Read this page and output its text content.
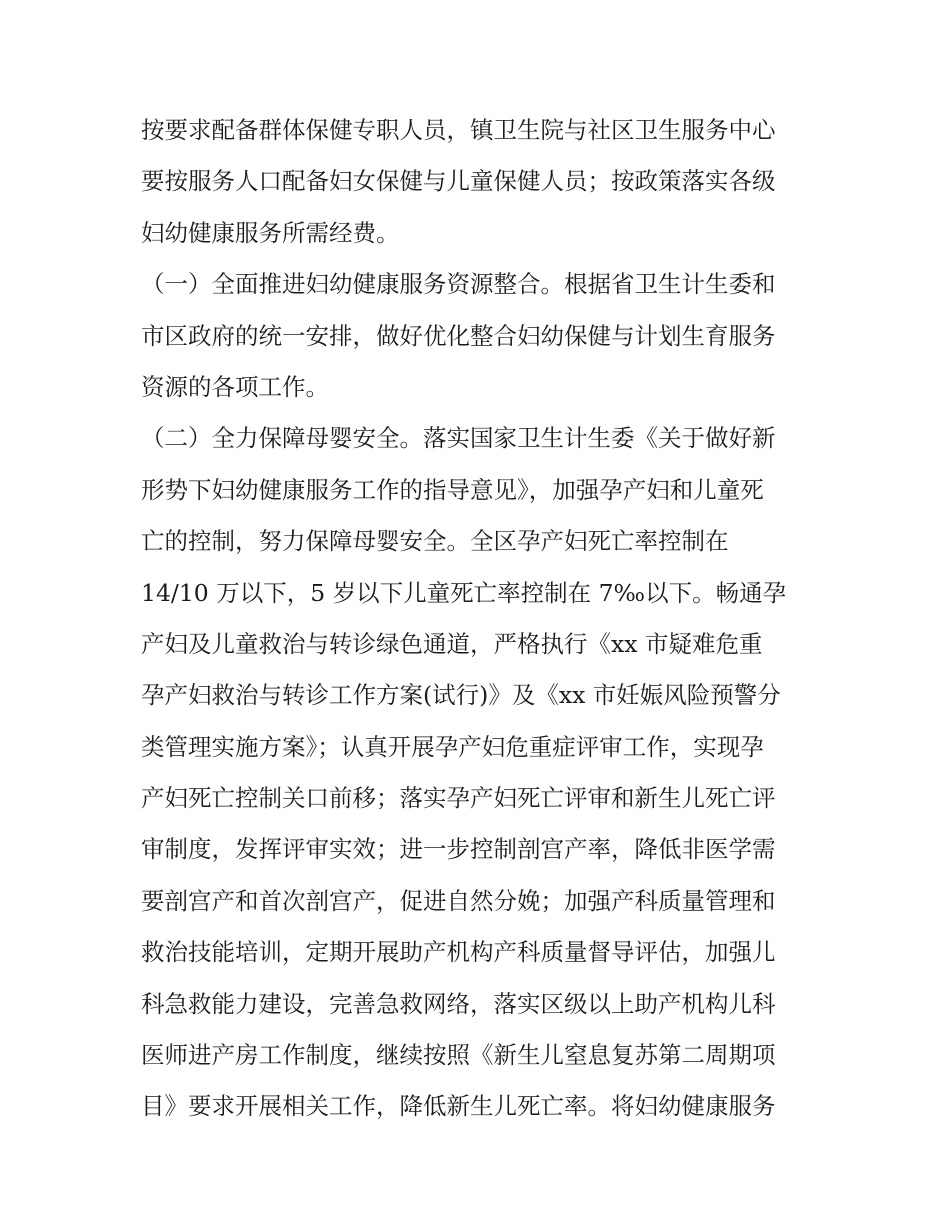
按要求配备群体保健专职人员，镇卫生院与社区卫生服务中心
要按服务人口配备妇女保健与儿童保健人员；按政策落实各级
妇幼健康服务所需经费。
（一）全面推进妇幼健康服务资源整合。根据省卫生计生委和
市区政府的统一安排，做好优化整合妇幼保健与计划生育服务
资源的各项工作。
（二）全力保障母婴安全。落实国家卫生计生委《关于做好新
形势下妇幼健康服务工作的指导意见》，加强孕产妇和儿童死
亡的控制，努力保障母婴安全。全区孕产妇死亡率控制在
14/10 万以下，5 岁以下儿童死亡率控制在 7‰以下。畅通孕
产妇及儿童救治与转诊绿色通道，严格执行《xx 市疑难危重
孕产妇救治与转诊工作方案(试行)》及《xx 市妊娠风险预警分
类管理实施方案》；认真开展孕产妇危重症评审工作，实现孕
产妇死亡控制关口前移；落实孕产妇死亡评审和新生儿死亡评
审制度，发挥评审实效；进一步控制剖宫产率，降低非医学需
要剖宫产和首次剖宫产，促进自然分娩；加强产科质量管理和
救治技能培训，定期开展助产机构产科质量督导评估，加强儿
科急救能力建设，完善急救网络，落实区级以上助产机构儿科
医师进产房工作制度，继续按照《新生儿窒息复苏第二周期项
目》要求开展相关工作，降低新生儿死亡率。将妇幼健康服务
